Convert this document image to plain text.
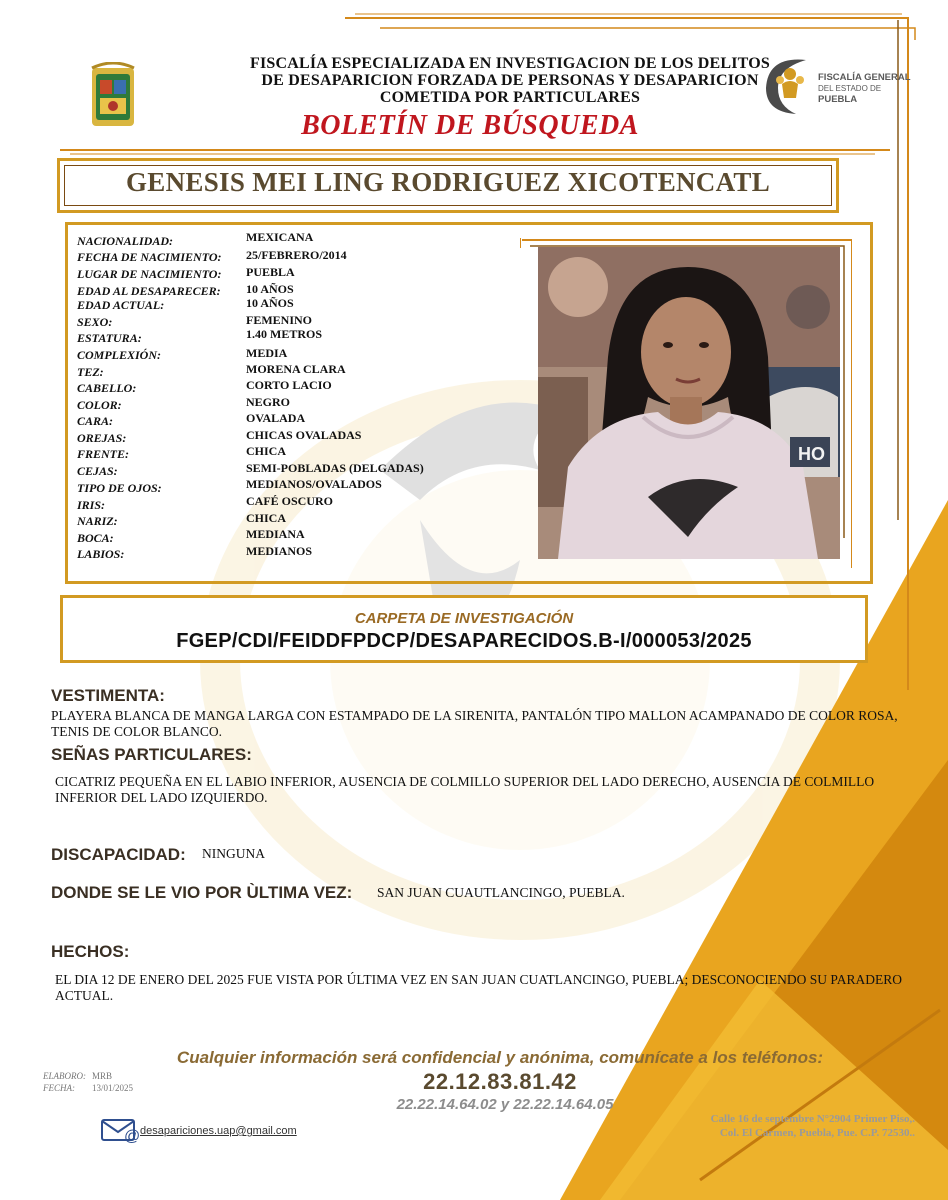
FISCALÍA GENERAL
DEL ESTADO DE
PUEBLA
FISCALÍA ESPECIALIZADA EN INVESTIGACION DE LOS DELITOS
DE DESAPARICION FORZADA DE PERSONAS Y DESAPARICION
COMETIDA POR PARTICULARES
BOLETÍN DE BÚSQUEDA
GENESIS MEI LING RODRIGUEZ XICOTENCATL
NACIONALIDAD:	MEXICANA
FECHA DE NACIMIENTO: 25/FEBRERO/2014
LUGAR DE NACIMIENTO: PUEBLA
EDAD AL DESAPARECER: 10 AÑOS
EDAD ACTUAL:	10 AÑOS
SEXO:	FEMENINO
ESTATURA:	1.40 METROS
COMPLEXIÓN:	MEDIA
TEZ:	MORENA CLARA
CABELLO:	CORTO LACIO
COLOR:	NEGRO
CARA:	OVALADA
OREJAS:	CHICAS OVALADAS
FRENTE:	CHICA
CEJAS:	SEMI-POBLADAS (DELGADAS)
TIPO DE OJOS:	MEDIANOS/OVALADOS
IRIS:	CAFÉ OSCURO
NARIZ:	CHICA
BOCA:	MEDIANA
LABIOS:	MEDIANOS
HO
CARPETA DE INVESTIGACIÓN
FGEP/CDI/FEIDDFPDCP/DESAPARECIDOS.B-I/000053/2025
VESTIMENTA:
PLAYERA BLANCA DE MANGA LARGA CON ESTAMPADO DE LA SIRENITA, PANTALÓN TIPO MALLON ACAMPANADO DE COLOR ROSA, TENIS DE COLOR BLANCO.
SEÑAS PARTICULARES:
CICATRIZ PEQUEÑA EN EL LABIO INFERIOR, AUSENCIA DE COLMILLO SUPERIOR DEL LADO DERECHO, AUSENCIA DE COLMILLO INFERIOR DEL LADO IZQUIERDO.
DISCAPACIDAD: NINGUNA
DONDE SE LE VIO POR ÙLTIMA VEZ: SAN JUAN CUAUTLANCINGO, PUEBLA.
HECHOS:
EL DIA 12 DE ENERO DEL 2025 FUE VISTA POR ÚLTIMA VEZ EN SAN JUAN CUATLANCINGO, PUEBLA; DESCONOCIENDO SU PARADERO ACTUAL.
Cualquier información será confidencial y anónima, comunícate a los teléfonos:
22.12.83.81.42
22.22.14.64.02 y 22.22.14.64.05
ELABORO: MRB
FECHA: 13/01/2025
@ desapariciones.uap@gmail.com
Calle 16 de septembre N°2904 Primer Piso,.
Col. El Carmen, Puebla, Pue. C.P. 72530..
